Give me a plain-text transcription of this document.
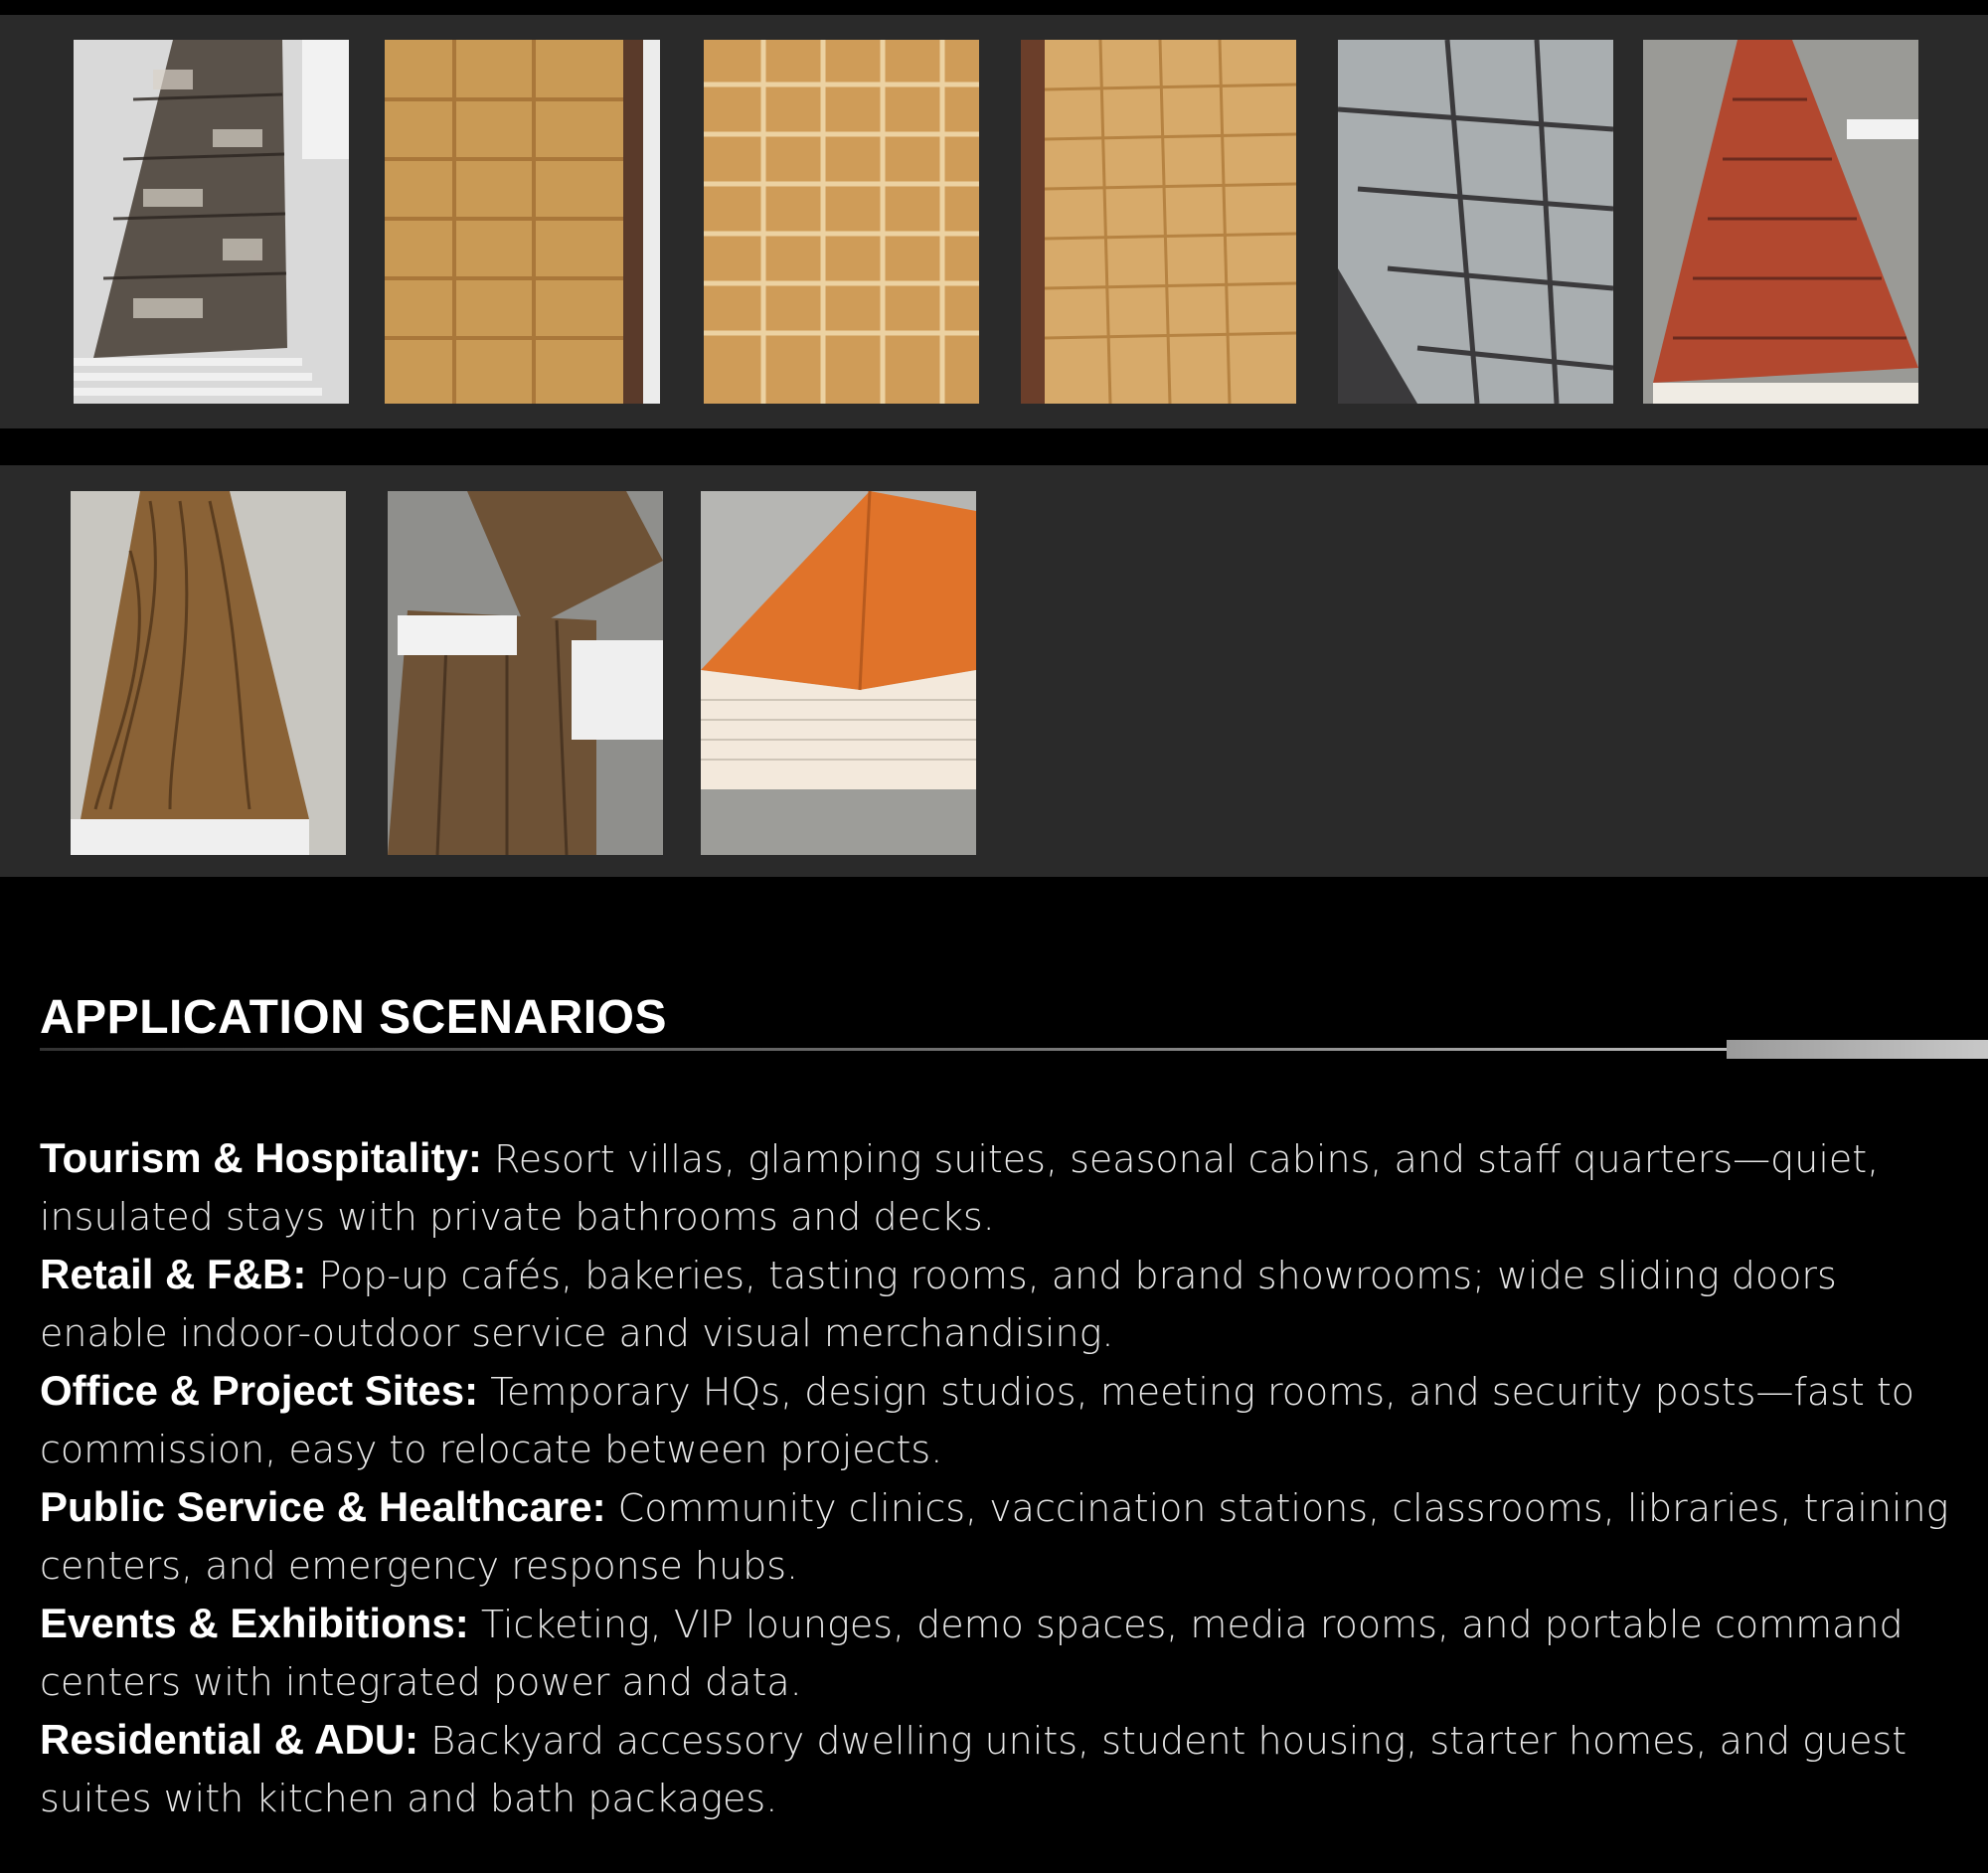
APPLICATION SCENARIOS
Tourism & Hospitality: Resort villas, glamping suites, seasonal cabins, and staff quarters—quiet, insulated stays with private bathrooms and decks.
Retail & F&B: Pop-up cafés, bakeries, tasting rooms, and brand showrooms; wide sliding doors enable indoor-outdoor service and visual merchandising.
Office & Project Sites: Temporary HQs, design studios, meeting rooms, and security posts—fast to commission, easy to relocate between projects.
Public Service & Healthcare: Community clinics, vaccination stations, classrooms, libraries, training centers, and emergency response hubs.
Events & Exhibitions: Ticketing, VIP lounges, demo spaces, media rooms, and portable command centers with integrated power and data.
Residential & ADU: Backyard accessory dwelling units, student housing, starter homes, and guest suites with kitchen and bath packages.
